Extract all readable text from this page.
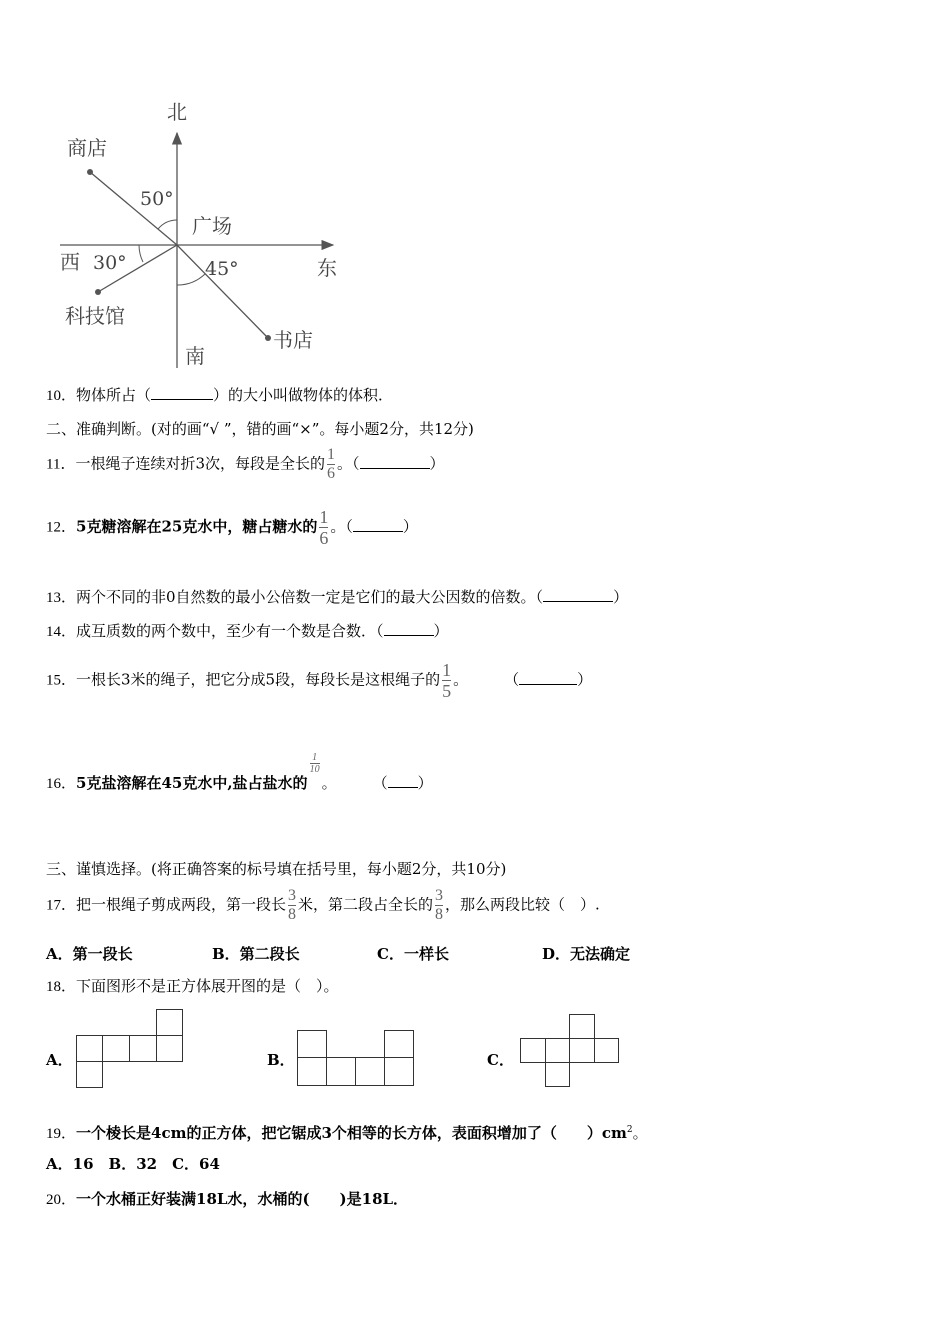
北
南
东
西
商店
广场
科技馆
书店
50°
30°	45°
10．物体所占（	）的大小叫做物体的体积．
二、准确判断。(对的画“√ ”，错的画“×”。每小题2分，共12分)
11．一根绳子连续对折3次，每段是全长的 $\frac{1}{6}$ 。（	）
12．5克糖溶解在25克水中，糖占糖水的 $\frac{1}{6}$ 。（	）
13．两个不同的非0自然数的最小公倍数一定是它们的最大公因数的倍数。（	）
14．成互质数的两个数中，至少有一个数是合数．（	）
15．一根长3米的绳子，把它分成5段，每段长是这根绳子的 $\frac{1}{5}$ 。 （	）
16．5克盐溶解在45克水中,盐占盐水的
$\frac{1}{10}$
。 （ ）
三、谨慎选择。(将正确答案的标号填在括号里，每小题2分，共10分)
17．把一根绳子剪成两段，第一段长 $\frac{3}{8}$ 米，第二段占全长的 $\frac{3}{8}$ ，那么两段比较（　）.
A．第一段长	B．第二段长	C．一样长	D．无法确定
18．下面图形不是正方体展开图的是（　）。
A．	B．	C．
19．一个棱长是4cm的正方体，把它锯成3个相等的长方体，表面积增加了（　　）$cm^2$。
A．16　B．32　C．64
20．一个水桶正好装满18L水，水桶的(　　)是18L．
